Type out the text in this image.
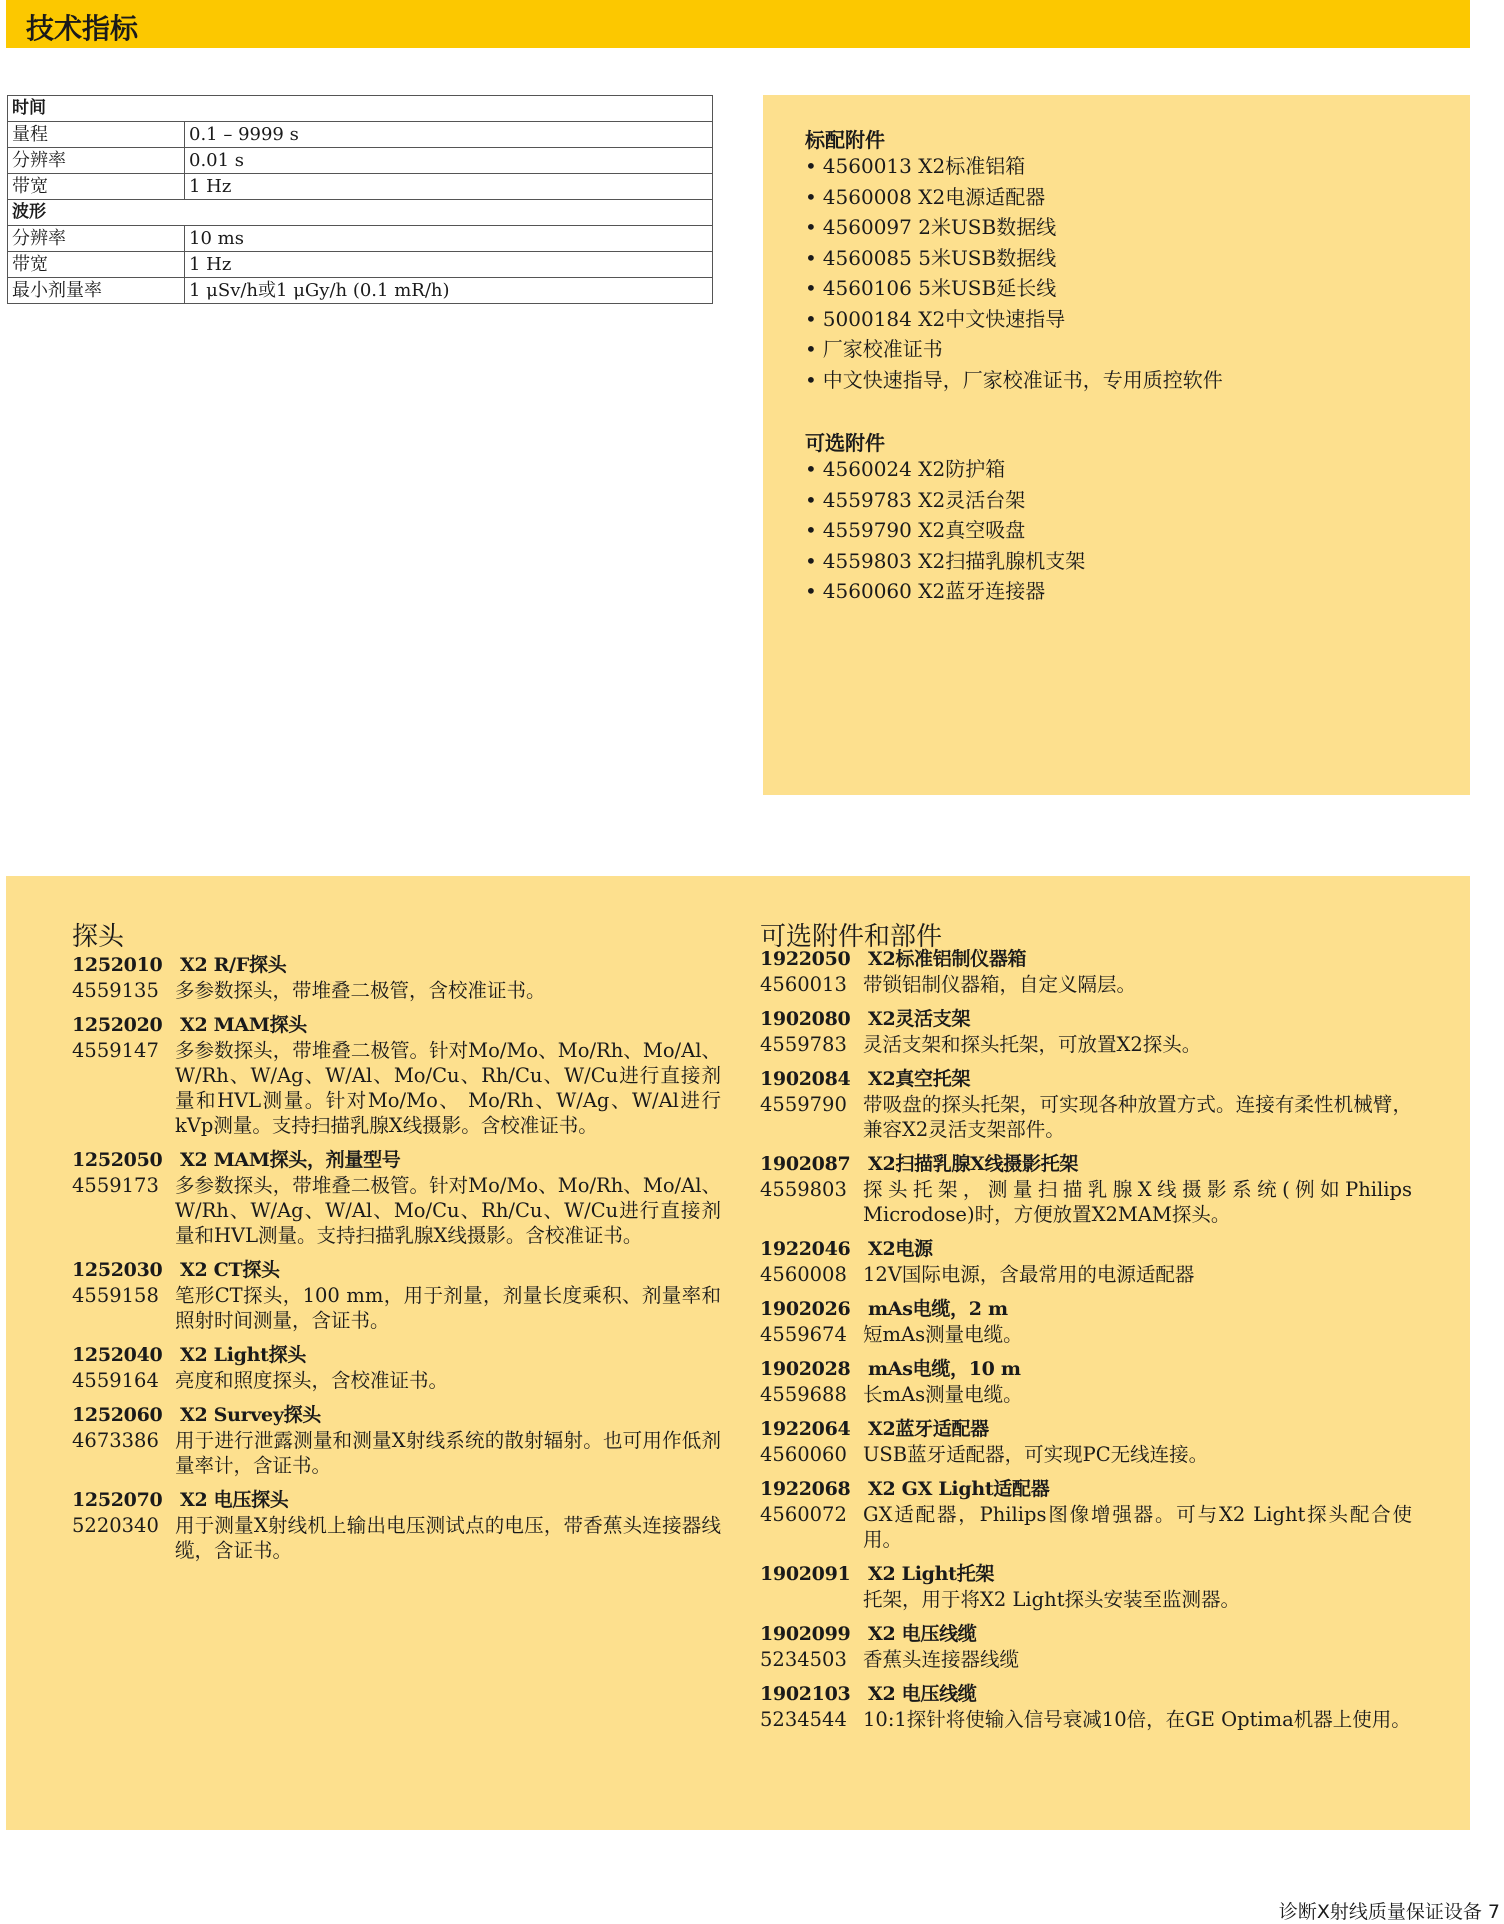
技术指标
时间	
量程	0.1 – 9999 s
分辨率	0.01 s
带宽	1 Hz
波形	
分辨率	10 ms
带宽	1 Hz
最小剂量率	1 μSv/h或1 μGy/h (0.1 mR/h)
标配附件
• 4560013 X2标准铝箱
• 4560008 X2电源适配器
• 4560097 2米USB数据线
• 4560085 5米USB数据线
• 4560106 5米USB延长线
• 5000184 X2中文快速指导
• 厂家校准证书
• 中文快速指导，厂家校准证书，专用质控软件
可选附件
• 4560024 X2防护箱
• 4559783 X2灵活台架
• 4559790 X2真空吸盘
• 4559803 X2扫描乳腺机支架
• 4560060 X2蓝牙连接器
探头
1252010 X2 R/F探头
4559135 多参数探头，带堆叠二极管，含校准证书。
1252020 X2 MAM探头
4559147 多参数探头，带堆叠二极管。针对Mo/Mo、Mo/Rh、Mo/Al、W/Rh、W/Ag、W/Al、Mo/Cu、Rh/Cu、W/Cu进行直接剂量和HVL测量。针对Mo/Mo、 Mo/Rh、W/Ag、W/Al进行 kVp测量。支持扫描乳腺X线摄影。含校准证书。
1252050 X2 MAM探头，剂量型号
4559173 多参数探头，带堆叠二极管。针对Mo/Mo、Mo/Rh、Mo/Al、W/Rh、W/Ag、W/Al、Mo/Cu、Rh/Cu、W/Cu进行直接剂量和HVL测量。支持扫描乳腺X线摄影。含校准证书。
1252030 X2 CT探头
4559158 笔形CT探头，100 mm，用于剂量，剂量长度乘积、剂量率和照射时间测量，含证书。
1252040 X2 Light探头
4559164 亮度和照度探头，含校准证书。
1252060 X2 Survey探头
4673386 用于进行泄露测量和测量X射线系统的散射辐射。也可用作低剂量率计，含证书。
1252070 X2 电压探头
5220340 用于测量X射线机上输出电压测试点的电压，带香蕉头连接器线缆，含证书。
可选附件和部件
1922050 X2标准铝制仪器箱
4560013 带锁铝制仪器箱，自定义隔层。
1902080 X2灵活支架
4559783 灵活支架和探头托架，可放置X2探头。
1902084 X2真空托架
4559790 带吸盘的探头托架，可实现各种放置方式。连接有柔性机械臂，兼容X2灵活支架部件。
1902087 X2扫描乳腺X线摄影托架
4559803 探头托架，测量扫描乳腺X线摄影系统(例如Philips Microdose)时，方便放置X2MAM探头。
1922046 X2电源
4560008 12V国际电源，含最常用的电源适配器
1902026 mAs电缆，2 m
4559674 短mAs测量电缆。
1902028 mAs电缆，10 m
4559688 长mAs测量电缆。
1922064 X2蓝牙适配器
4560060 USB蓝牙适配器，可实现PC无线连接。
1922068 X2 GX Light适配器
4560072 GX适配器，Philips图像增强器。可与X2 Light探头配合使用。
1902091 X2 Light托架
托架，用于将X2 Light探头安装至监测器。
1902099 X2 电压线缆
5234503 香蕉头连接器线缆
1902103 X2 电压线缆
5234544 10:1探针将使输入信号衰减10倍，在GE Optima机器上使用。
诊断X射线质量保证设备 7
